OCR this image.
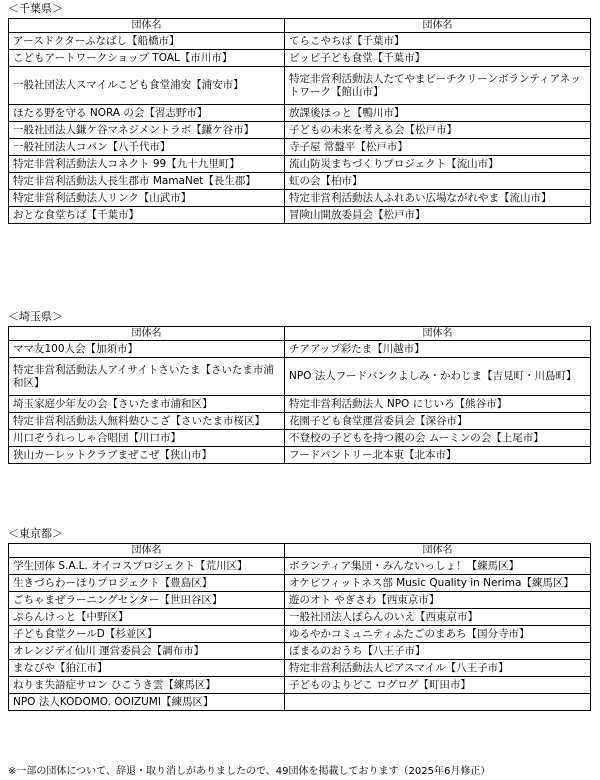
＜千葉県＞
団体名	団体名
アースドクターふなばし【船橋市】	てらこやちば【千葉市】
こどもアートワークショップ TOAL【市川市】	ピッピ子ども食堂【千葉市】
一般社団法人スマイルこども食堂浦安【浦安市】	特定非営利活動法人たてやまビーチクリーンボランティアネットワーク【館山市】
ほたる野を守る NORA の会【習志野市】	放課後ほっと【鴨川市】
一般社団法人鎌ケ谷マネジメントラボ【鎌ケ谷市】	子どもの未来を考える会【松戸市】
一般社団法人コパン【八千代市】	寺子屋 常盤平【松戸市】
特定非営利活動法人コネクト 99【九十九里町】	流山防災まちづくりプロジェクト【流山市】
特定非営利活動法人長生郡市 MamaNet【長生郡】	虹の会【柏市】
特定非営利活動法人リンク【山武市】	特定非営利活動法人ふれあい広場ながれやま【流山市】
おとな食堂ちば【千葉市】	冒険山開放委員会【松戸市】
＜埼玉県＞
団体名	団体名
ママ友100人会【加須市】	チアアップ彩たま【川越市】
特定非営利活動法人アイサイトさいたま【さいたま市浦和区】	NPO 法人フードバンクよしみ・かわじま【吉見町・川島町】
埼玉家庭少年友の会【さいたま市浦和区】	特定非営利活動法人 NPO にじいろ【熊谷市】
特定非営利活動法人無料塾ひこざ【さいたま市桜区】	花園子ども食堂運営委員会【深谷市】
川口ぞうれっしゃ合唱団【川口市】	不登校の子どもを持つ親の会 ムーミンの会【上尾市】
狭山カーレットクラブまぜこぜ【狭山市】	フードパントリー北本東【北本市】
＜東京都＞
団体名	団体名
学生団体 S.A.L. オイコスプロジェクト【荒川区】	ボランティア集団・みんないっしょ！【練馬区】
生きづらわーほりプロジェクト【豊島区】	オケピフィットネス部 Music Quality in Nerima【練馬区】
ごちゃまぜラーニングセンター【世田谷区】	遊のオト やぎさわ【西東京市】
ぷらんけっと【中野区】	一般社団法人ぽらんのいえ【西東京市】
子ども食堂クールD【杉並区】	ゆるやかコミュニティふたごのまあち【国分寺市】
オレンジデイ仙川 運営委員会【調布市】	ぽまるのおうち【八王子市】
まなびや【狛江市】	特定非営利活動法人ピアスマイル【八王子市】
ねりま失語症サロン ひこうき雲【練馬区】	子どものよりどこ ログログ【町田市】
NPO 法人KODOMO. OOIZUMI【練馬区】	
※一部の団体について、辞退・取り消しがありましたので、49団体を掲載しております（2025年6月修正）
